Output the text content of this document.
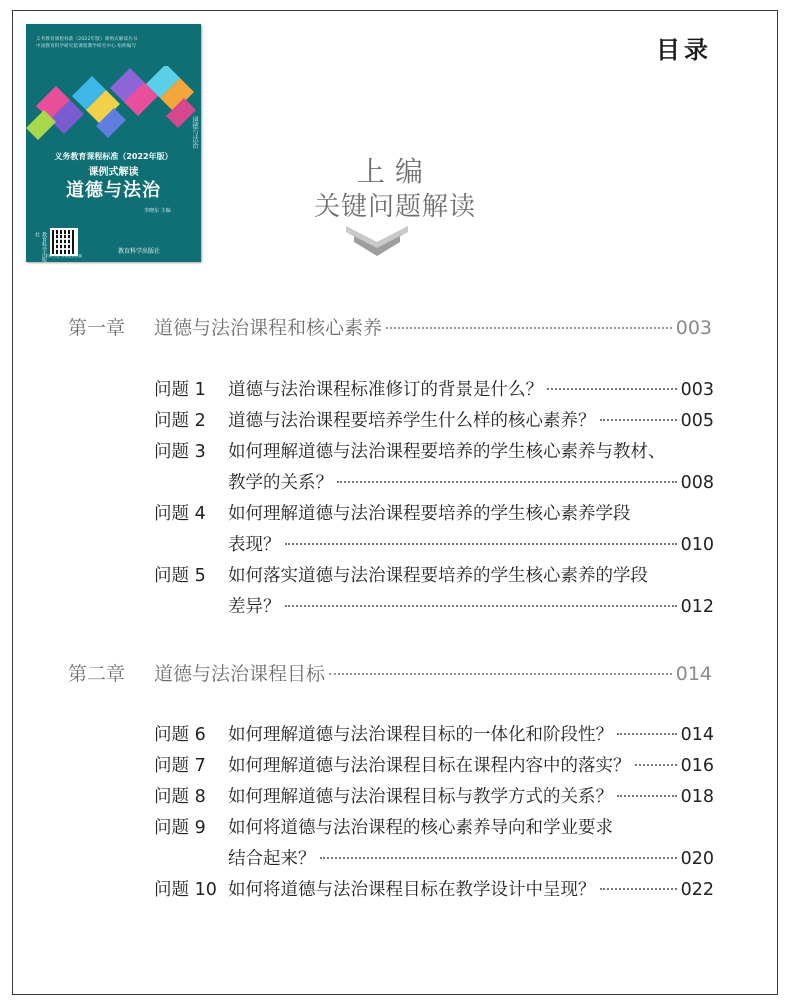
义务教育课程标准（2022年版）课例式解读丛书
中国教育科学研究院课程教学研究中心 组织编写
道德与法治
义务教育课程标准（2022年版）
课例式解读
道德与法治
李晓东 主编
教育科学出版社
扫码关注 获取配套资源
教育科学出版社
目录
上编
关键问题解读
第一章	道德与法治课程和核心素养	003
问题 1	道德与法治课程标准修订的背景是什么？	003
问题 2	道德与法治课程要培养学生什么样的核心素养？	005
问题 3	如何理解道德与法治课程要培养的学生核心素养与教材、
教学的关系？	008
问题 4	如何理解道德与法治课程要培养的学生核心素养学段
表现？	010
问题 5	如何落实道德与法治课程要培养的学生核心素养的学段
差异？	012
第二章	道德与法治课程目标	014
问题 6	如何理解道德与法治课程目标的一体化和阶段性？	014
问题 7	如何理解道德与法治课程目标在课程内容中的落实？	016
问题 8	如何理解道德与法治课程目标与教学方式的关系？	018
问题 9	如何将道德与法治课程的核心素养导向和学业要求
结合起来？	020
问题 10 如何将道德与法治课程目标在教学设计中呈现？	022
